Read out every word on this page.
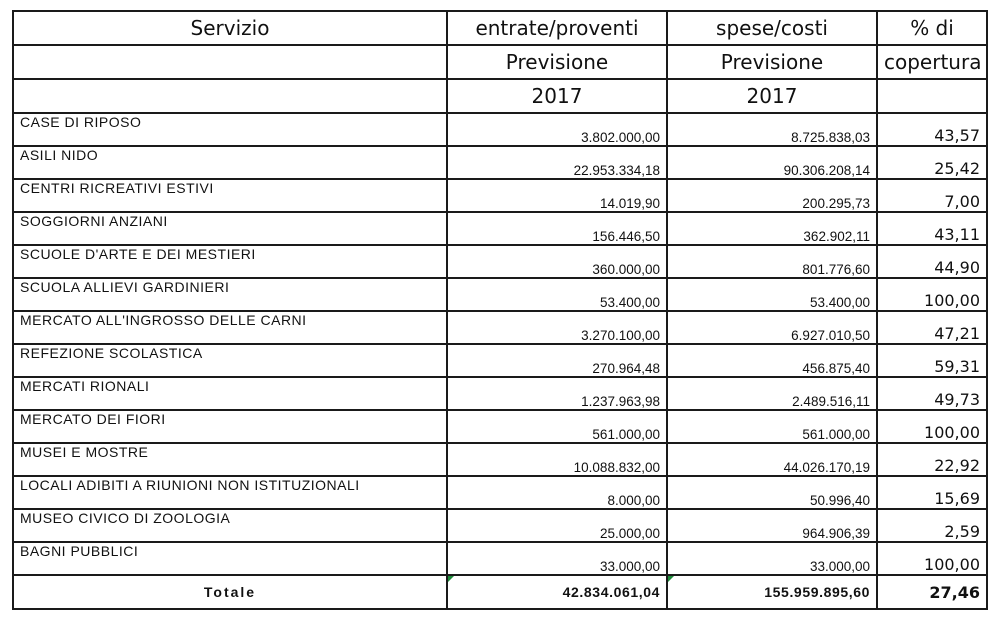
Servizio	entrate/proventi	spese/costi	% di
	Previsione	Previsione	copertura
	2017	2017	
CASE DI RIPOSO	3.802.000,00	8.725.838,03	43,57
ASILI NIDO	22.953.334,18	90.306.208,14	25,42
CENTRI RICREATIVI ESTIVI	14.019,90	200.295,73	7,00
SOGGIORNI ANZIANI	156.446,50	362.902,11	43,11
SCUOLE D'ARTE E DEI MESTIERI	360.000,00	801.776,60	44,90
SCUOLA ALLIEVI GARDINIERI	53.400,00	53.400,00	100,00
MERCATO ALL'INGROSSO DELLE CARNI	3.270.100,00	6.927.010,50	47,21
REFEZIONE SCOLASTICA	270.964,48	456.875,40	59,31
MERCATI RIONALI	1.237.963,98	2.489.516,11	49,73
MERCATO DEI FIORI	561.000,00	561.000,00	100,00
MUSEI E MOSTRE	10.088.832,00	44.026.170,19	22,92
LOCALI ADIBITI A RIUNIONI NON ISTITUZIONALI	8.000,00	50.996,40	15,69
MUSEO CIVICO DI ZOOLOGIA	25.000,00	964.906,39	2,59
BAGNI PUBBLICI	33.000,00	33.000,00	100,00
Totale	42.834.061,04	155.959.895,60	27,46
